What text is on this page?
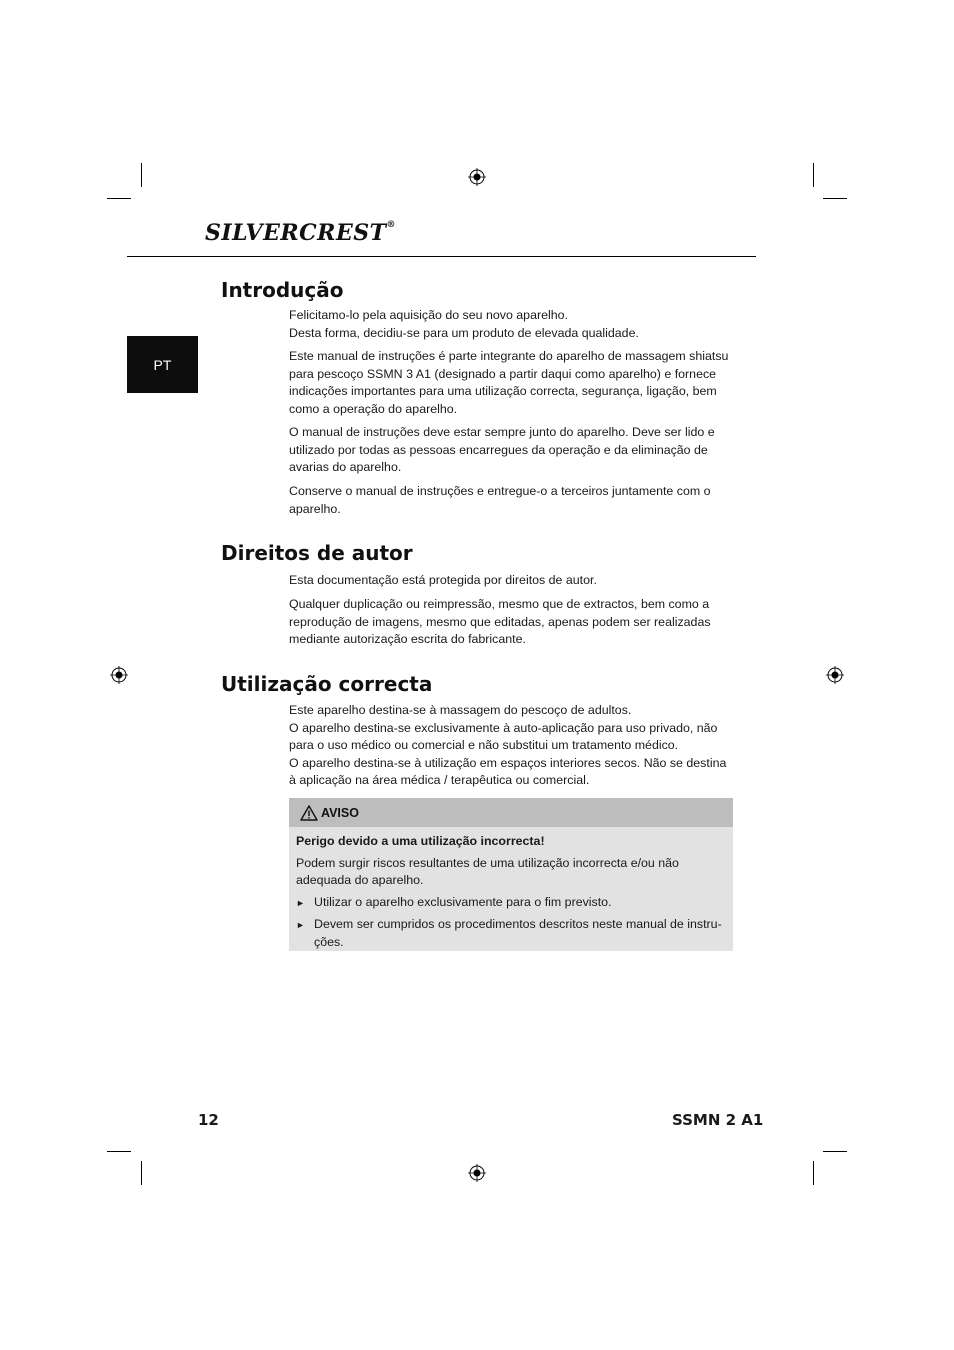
SILVERCREST®
PT
Introdução
Felicitamo-lo pela aquisição do seu novo aparelho.
Desta forma, decidiu-se para um produto de elevada qualidade.

Este manual de instruções é parte integrante do aparelho de massagem shiatsu para pescoço SSMN 3 A1 (designado a partir daqui como aparelho) e fornece indicações importantes para uma utilização correcta, segurança, ligação, bem como a operação do aparelho.

O manual de instruções deve estar sempre junto do aparelho. Deve ser lido e utilizado por todas as pessoas encarregues da operação e da eliminação de avarias do aparelho.

Conserve o manual de instruções e entregue-o a terceiros juntamente com o aparelho.

Direitos de autor

Esta documentação está protegida por direitos de autor.

Qualquer duplicação ou reimpressão, mesmo que de extractos, bem como a reprodução de imagens, mesmo que editadas, apenas podem ser realizadas mediante autorização escrita do fabricante.

Utilização correcta
Este aparelho destina-se à massagem do pescoço de adultos.
O aparelho destina-se exclusivamente à auto-aplicação para uso privado, não para o uso médico ou comercial e não substitui um tratamento médico.
O aparelho destina-se à utilização em espaços interiores secos. Não se destina à aplicação na área médica / terapêutica ou comercial.
AVISO
Perigo devido a uma utilização incorrecta!
Podem surgir riscos resultantes de uma utilização incorrecta e/ou não adequada do aparelho.
► Utilizar o aparelho exclusivamente para o fim previsto.
► Devem ser cumpridos os procedimentos descritos neste manual de instru-ções.
12	SSMN 2 A1
